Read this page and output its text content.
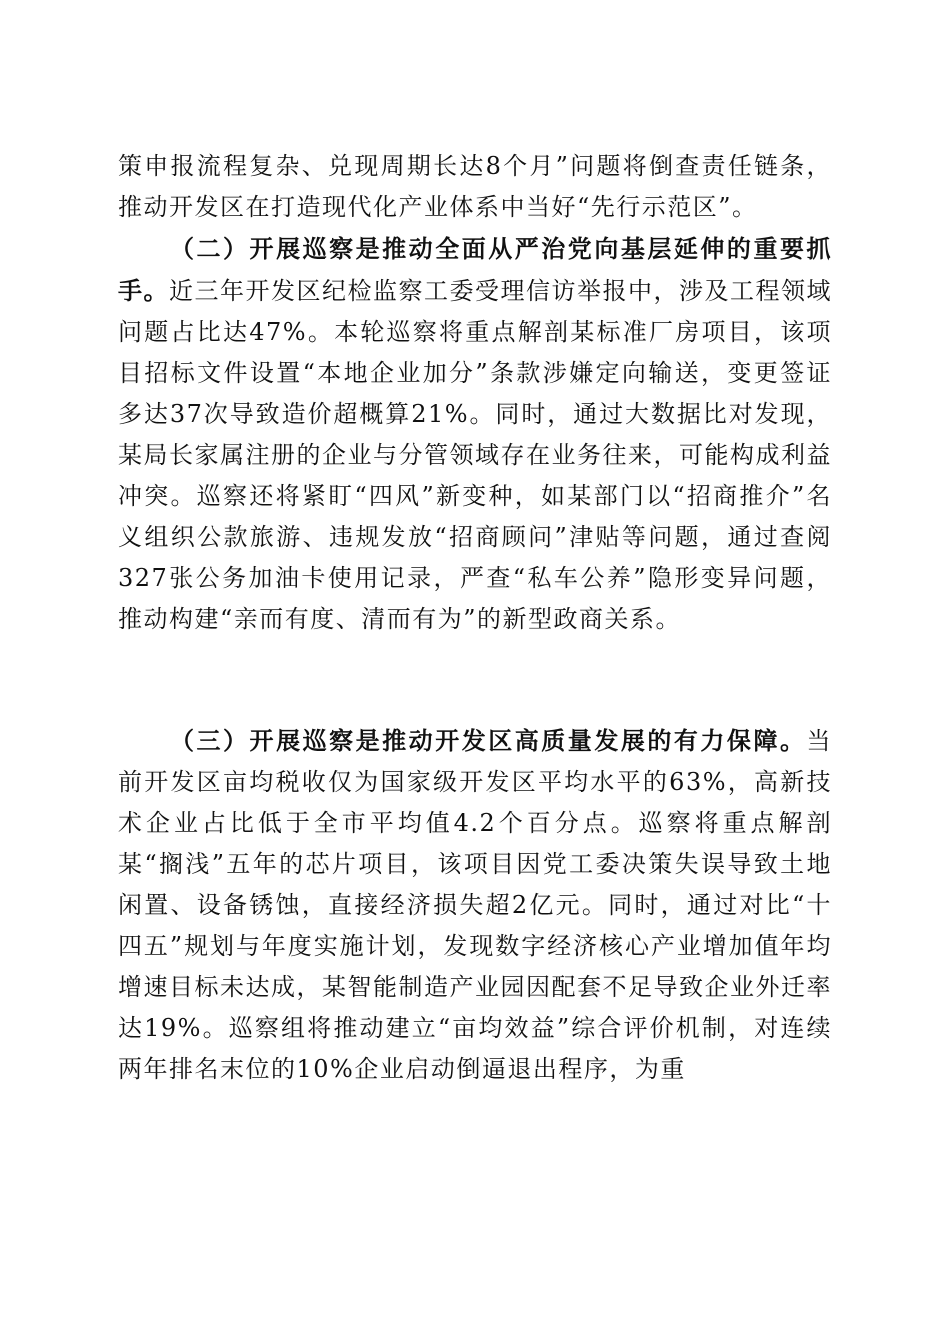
策申报流程复杂、兑现周期长达8个月”问题将倒查责任链条，推动开发区在打造现代化产业体系中当好“先行示范区”。

（二）开展巡察是推动全面从严治党向基层延伸的重要抓手。近三年开发区纪检监察工委受理信访举报中，涉及工程领域问题占比达47%。本轮巡察将重点解剖某标准厂房项目，该项目招标文件设置“本地企业加分”条款涉嫌定向输送，变更签证多达37次导致造价超概算21%。同时，通过大数据比对发现，某局长家属注册的企业与分管领域存在业务往来，可能构成利益冲突。巡察还将紧盯“四风”新变种，如某部门以“招商推介”名义组织公款旅游、违规发放“招商顾问”津贴等问题，通过查阅327张公务加油卡使用记录，严查“私车公养”隐形变异问题，推动构建“亲而有度、清而有为”的新型政商关系。

（三）开展巡察是推动开发区高质量发展的有力保障。当前开发区亩均税收仅为国家级开发区平均水平的63%，高新技术企业占比低于全市平均值4.2个百分点。巡察将重点解剖某“搁浅”五年的芯片项目，该项目因党工委决策失误导致土地闲置、设备锈蚀，直接经济损失超2亿元。同时，通过对比“十四五”规划与年度实施计划，发现数字经济核心产业增加值年均增速目标未达成，某智能制造产业园因配套不足导致企业外迁率达19%。巡察组将推动建立“亩均效益”综合评价机制，对连续两年排名末位的10%企业启动倒逼退出程序，为重
